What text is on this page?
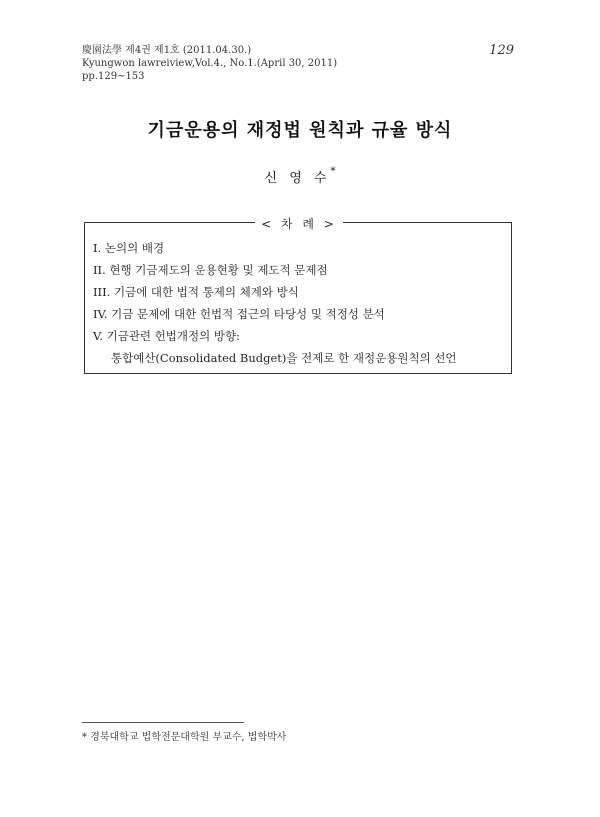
慶園法學 제4권 제1호 (2011.04.30.)
Kyungwon lawreiview,Vol.4., No.1.(April 30, 2011)
pp.129~153
129
기금운용의 재정법 원칙과 규율 방식
신 영 수*
< 차 례 >
Ⅰ. 논의의 배경
II. 현행 기금제도의 운용현황 및 제도적 문제점
III. 기금에 대한 법적 통제의 체계와 방식
IV. 기금 문제에 대한 헌법적 접근의 타당성 및 적정성 분석
V. 기금관련 헌법개정의 방향:
통합예산(Consolidated Budget)을 전제로 한 재정운용원칙의 선언
* 경북대학교 법학전문대학원 부교수, 법학박사
